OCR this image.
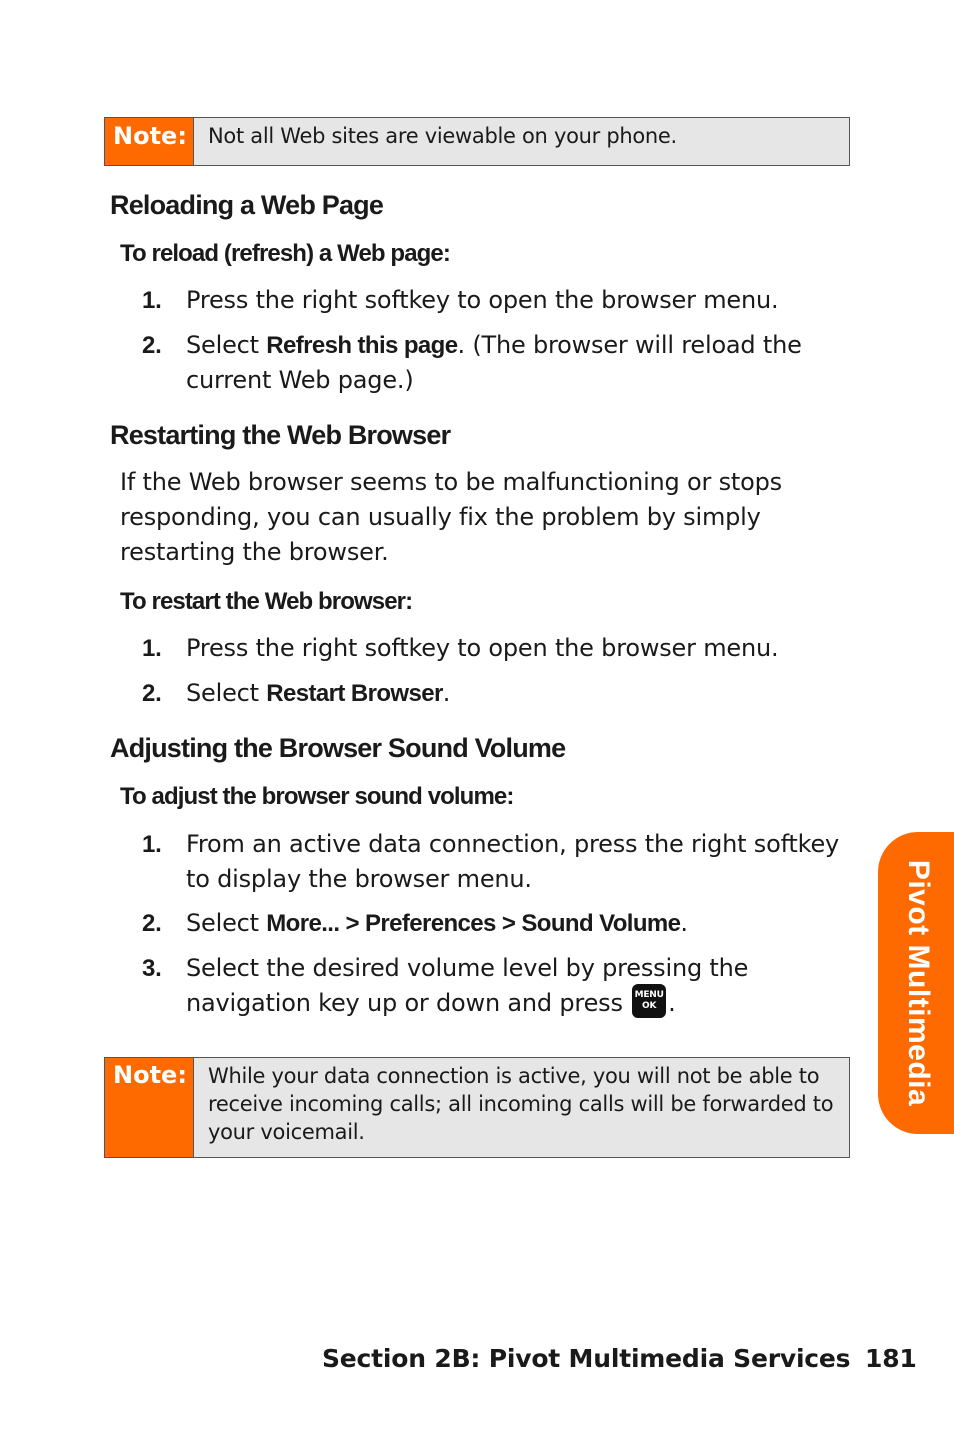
Note:	Not all Web sites are viewable on your phone.
Reloading a Web Page
To reload (refresh) a Web page:
1. Press the right softkey to open the browser menu.
2. Select Refresh this page. (The browser will reload the current Web page.)
Restarting the Web Browser

If the Web browser seems to be malfunctioning or stops responding, you can usually fix the problem by simply restarting the browser.

To restart the Web browser:
1. Press the right softkey to open the browser menu.
2. Select Restart Browser.
Adjusting the Browser Sound Volume
To adjust the browser sound volume:
1. From an active data connection, press the right softkey to display the browser menu.
2. Select More... > Preferences > Sound Volume.
3. Select the desired volume level by pressing the navigation key up or down and press MENU
OK .
Note:	While your data connection is active, you will not be able to receive incoming calls; all incoming calls will be forwarded to your voicemail.
Pivot Multimedia
Section 2B: Pivot Multimedia Services 181
